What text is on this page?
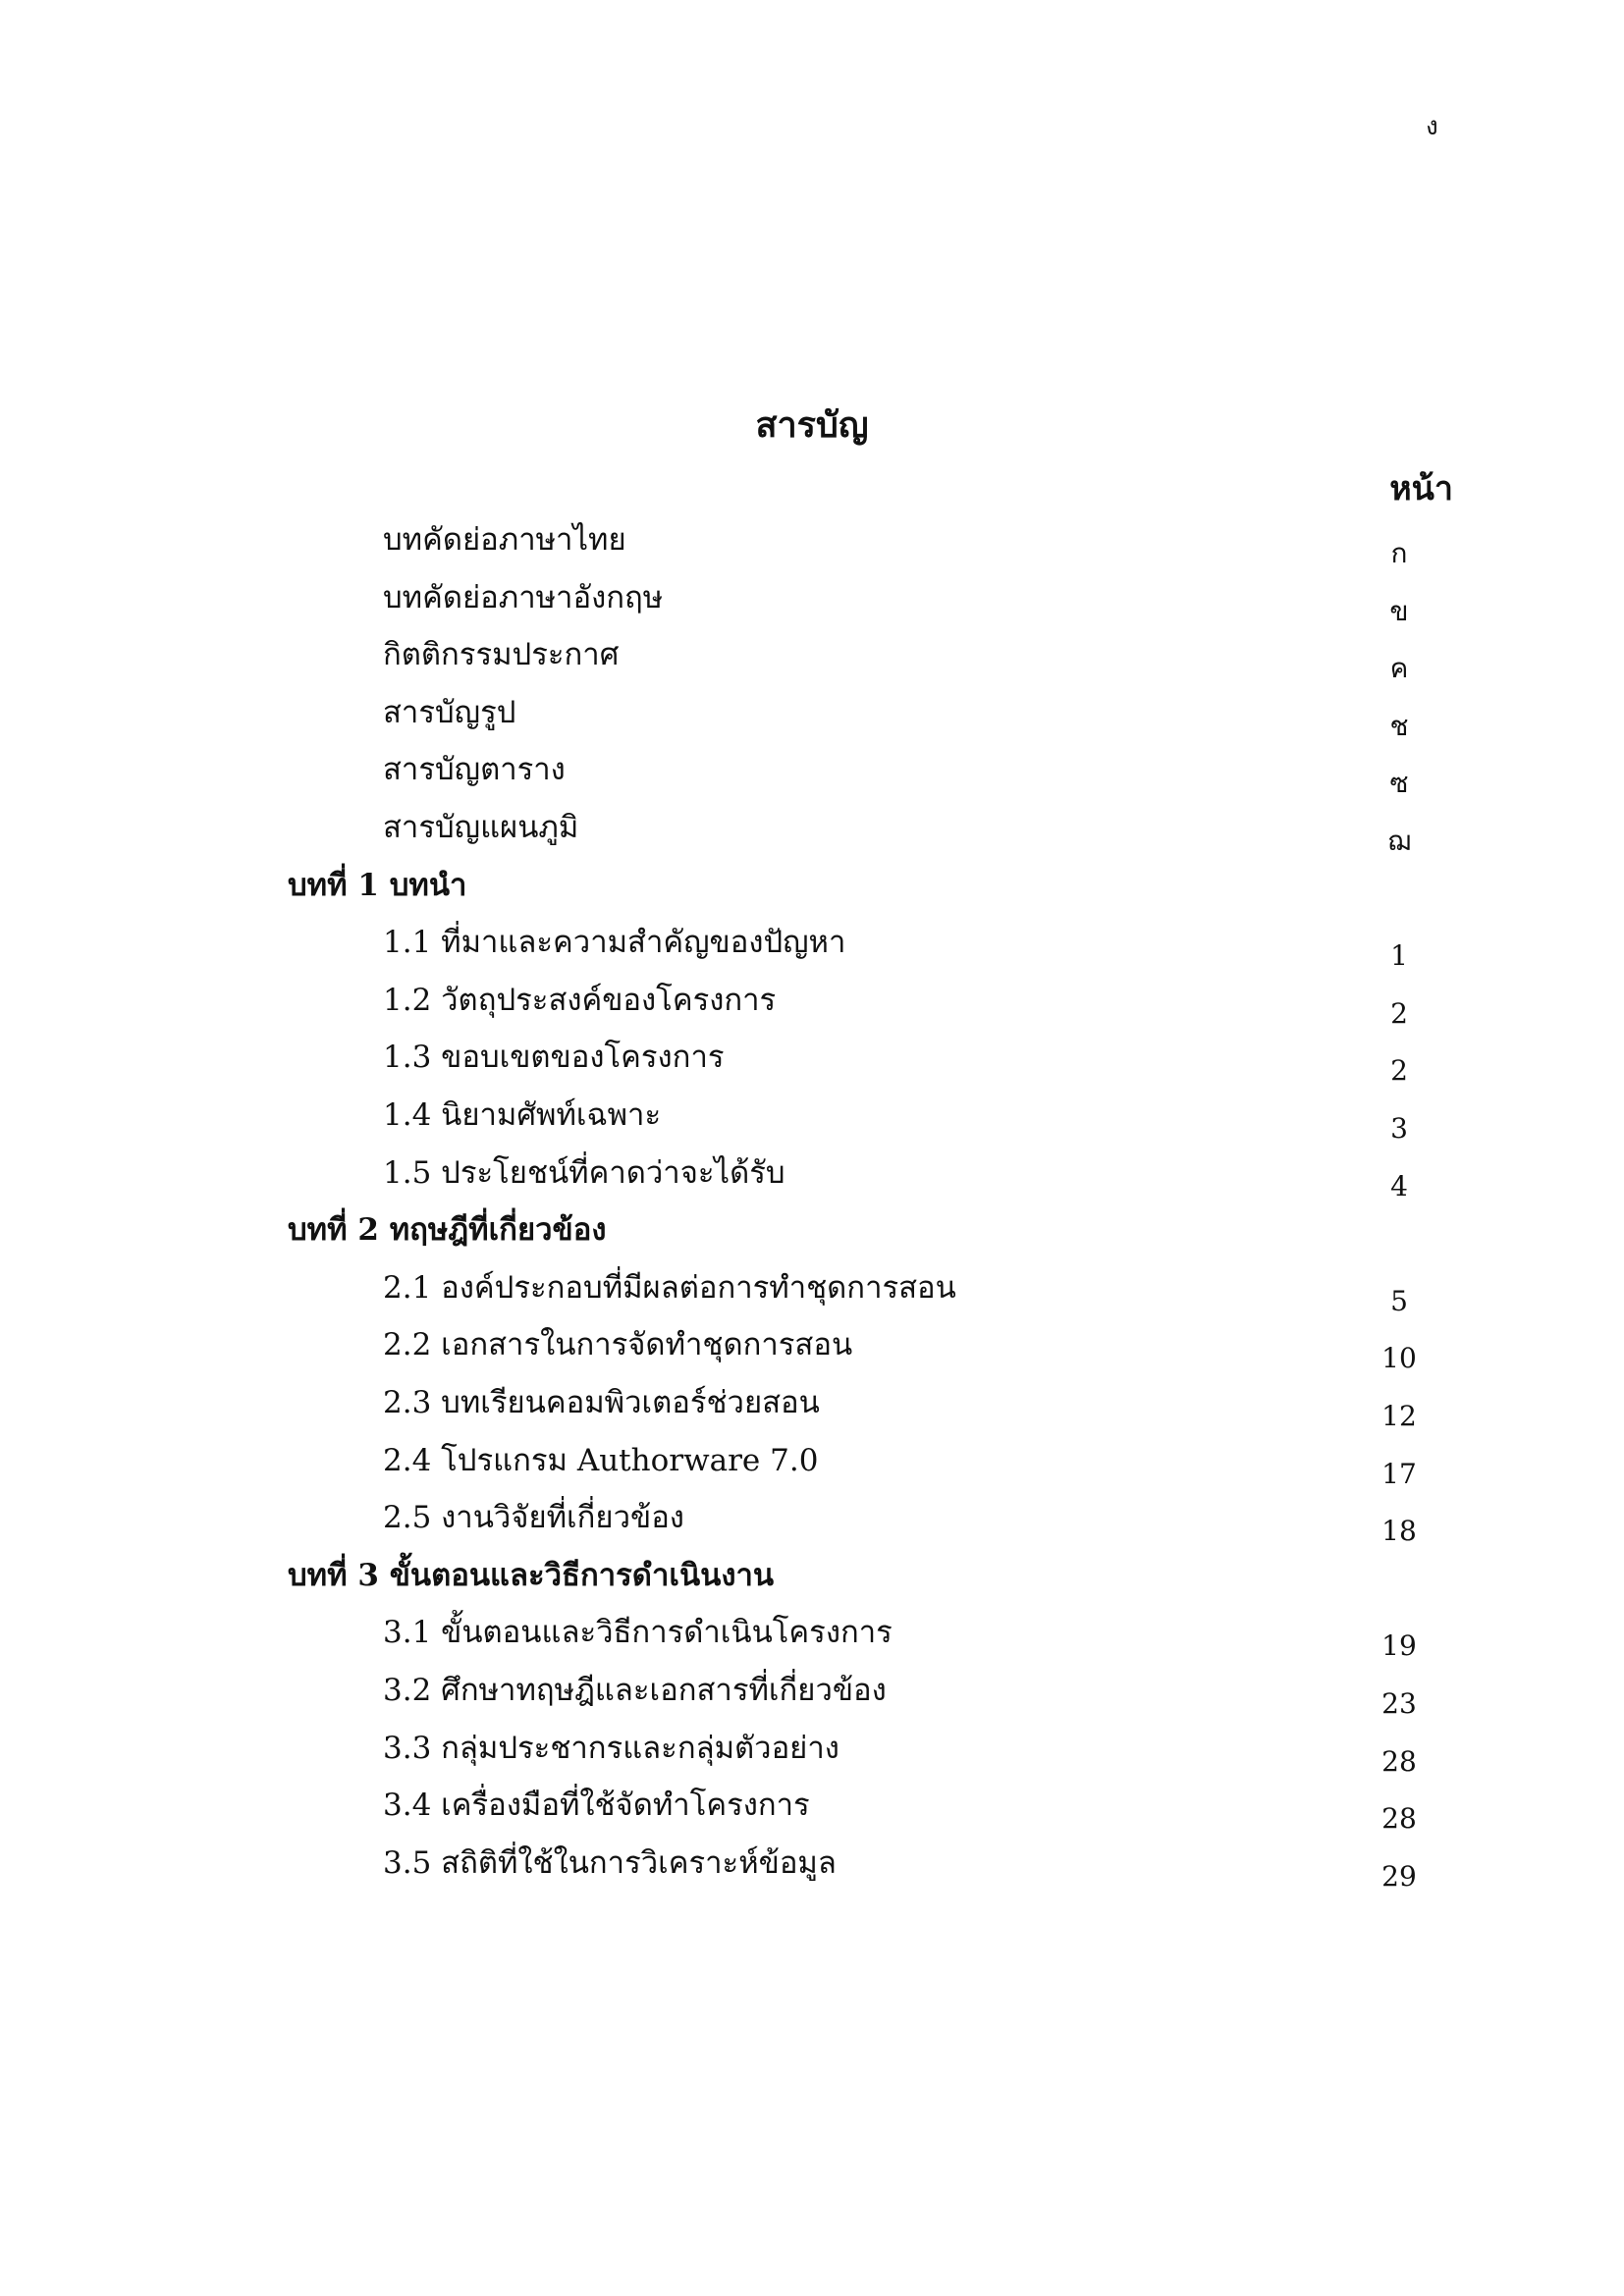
ง
สารบัญ
หน้า
บทคัดย่อภาษาไทย	ก
บทคัดย่อภาษาอังกฤษ	ข
กิตติกรรมประกาศ	ค
สารบัญรูป	ช
สารบัญตาราง	ซ
สารบัญแผนภูมิ	ฌ
บทที่ 1 บทนำ
1.1 ที่มาและความสำคัญของปัญหา	1
1.2 วัตถุประสงค์ของโครงการ	2
1.3 ขอบเขตของโครงการ	2
1.4 นิยามศัพท์เฉพาะ	3
1.5 ประโยชน์ที่คาดว่าจะได้รับ	4
บทที่ 2 ทฤษฎีที่เกี่ยวข้อง
2.1 องค์ประกอบที่มีผลต่อการทำชุดการสอน	5
2.2 เอกสารในการจัดทำชุดการสอน	10
2.3 บทเรียนคอมพิวเตอร์ช่วยสอน	12
2.4 โปรแกรม Authorware 7.0	17
2.5 งานวิจัยที่เกี่ยวข้อง	18
บทที่ 3 ขั้นตอนและวิธีการดำเนินงาน
3.1 ขั้นตอนและวิธีการดำเนินโครงการ	19
3.2 ศึกษาทฤษฎีและเอกสารที่เกี่ยวข้อง	23
3.3 กลุ่มประชากรและกลุ่มตัวอย่าง	28
3.4 เครื่องมือที่ใช้จัดทำโครงการ	28
3.5 สถิติที่ใช้ในการวิเคราะห์ข้อมูล	29
